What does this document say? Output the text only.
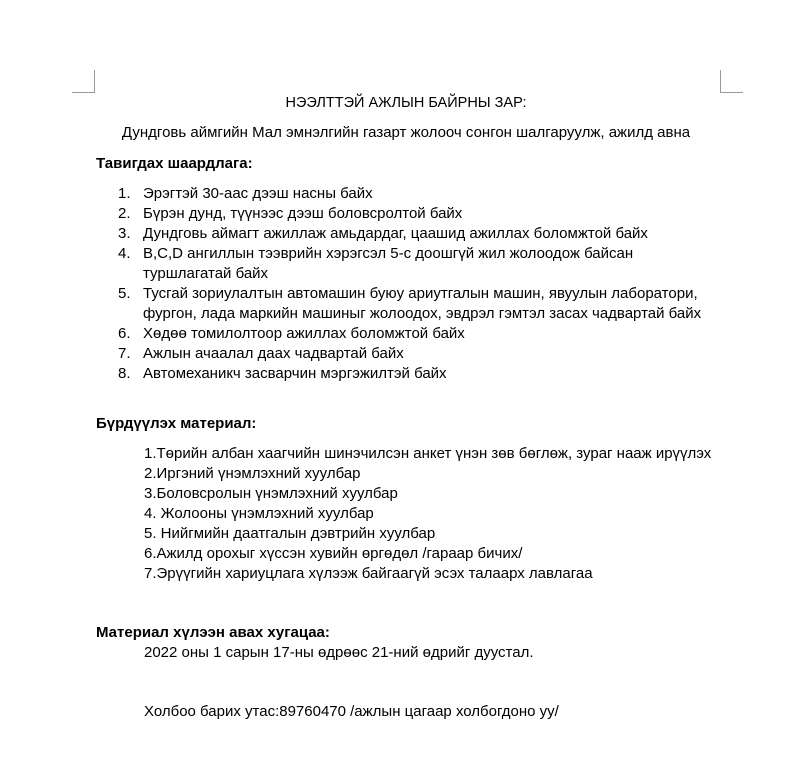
НЭЭЛТТЭЙ АЖЛЫН БАЙРНЫ ЗАР:
Дундговь аймгийн Мал эмнэлгийн газарт жолооч сонгон шалгаруулж, ажилд авна
Тавигдах шаардлага:
1. Эрэгтэй 30-аас дээш насны байх
2. Бүрэн дунд, түүнээс дээш боловсролтой байх
3. Дундговь аймагт ажиллаж амьдардаг, цаашид ажиллах боломжтой байх
4. B,C,D ангиллын тээврийн хэрэгсэл 5-с доошгүй жил жолоодож байсан туршлагатай байх
5. Тусгай зориулалтын автомашин буюу ариутгалын машин, явуулын лаборатори, фургон, лада маркийн машиныг жолоодох, эвдрэл гэмтэл засах чадвартай байх
6. Хөдөө томилолтоор ажиллах боломжтой байх
7. Ажлын ачаалал даах чадвартай байх
8. Автомеханикч засварчин мэргэжилтэй байх
Бүрдүүлэх материал:
1.Төрийн албан хаагчийн шинэчилсэн анкет үнэн зөв бөглөж, зураг нааж ирүүлэх
2.Иргэний үнэмлэхний хуулбар
3.Боловсролын үнэмлэхний хуулбар
4. Жолооны үнэмлэхний хуулбар
5. Нийгмийн даатгалын дэвтрийн хуулбар
6.Ажилд орохыг хүссэн хувийн өргөдөл /гараар бичих/
7.Эрүүгийн хариуцлага хүлээж байгаагүй эсэх талаарх лавлагаа
Материал хүлээн авах хугацаа:
2022 оны 1 сарын 17-ны өдрөөс 21-ний өдрийг дуустал.
Холбоо барих утас:89760470 /ажлын цагаар холбогдоно уу/
